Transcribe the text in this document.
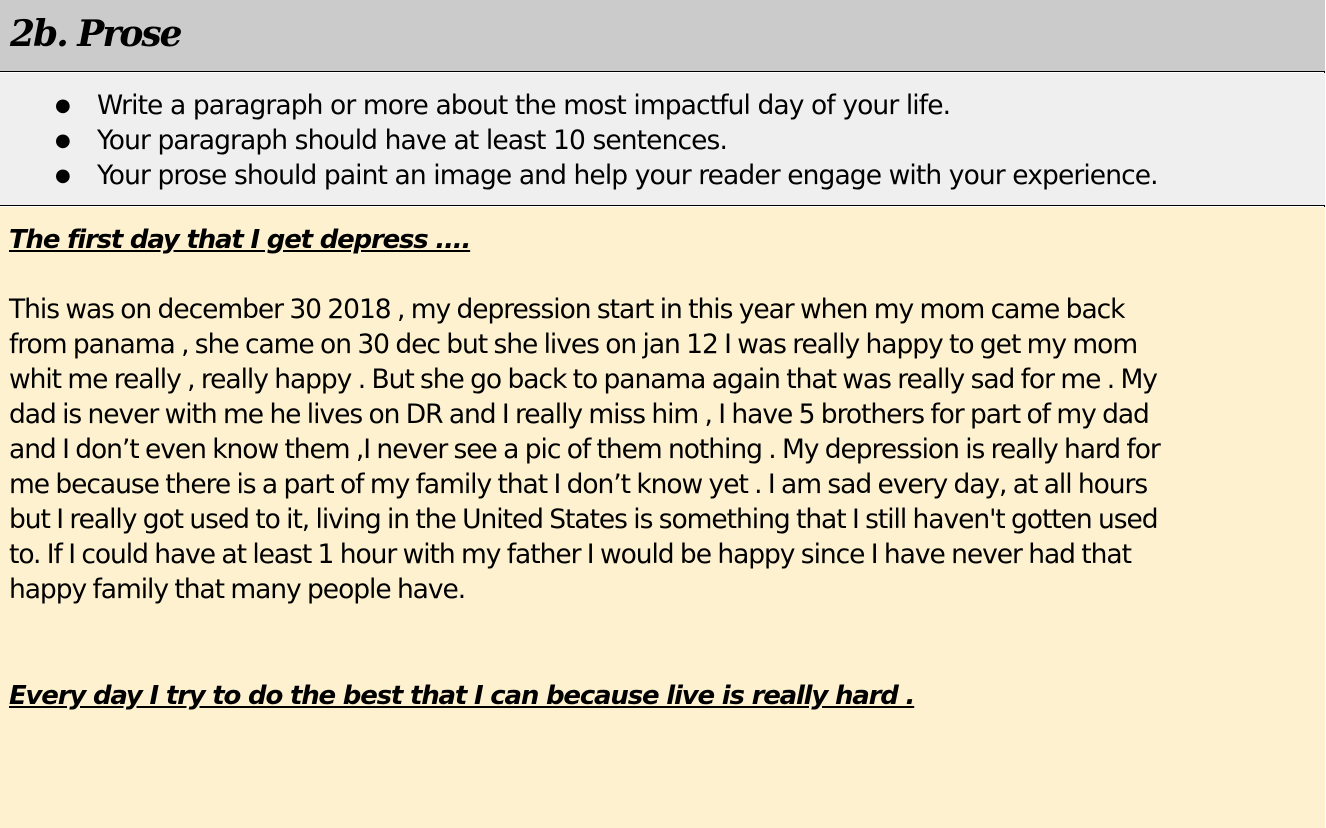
2b. Prose
● Write a paragraph or more about the most impactful day of your life.
● Your paragraph should have at least 10 sentences.
● Your prose should paint an image and help your reader engage with your experience.
The first day that I get depress ....

This was on december 30 2018 , my depression start in this year when my mom came back
from panama , she came on 30 dec but she lives on jan 12 I was really happy to get my mom
whit me really , really happy . But she go back to panama again that was really sad for me . My
dad is never with me he lives on DR and I really miss him , I have 5 brothers for part of my dad
and I don’t even know them ,I never see a pic of them nothing . My depression is really hard for
me because there is a part of my family that I don’t know yet . I am sad every day, at all hours
but I really got used to it, living in the United States is something that I still haven't gotten used
to. If I could have at least 1 hour with my father I would be happy since I have never had that
happy family that many people have.

Every day I try to do the best that I can because live is really hard .
